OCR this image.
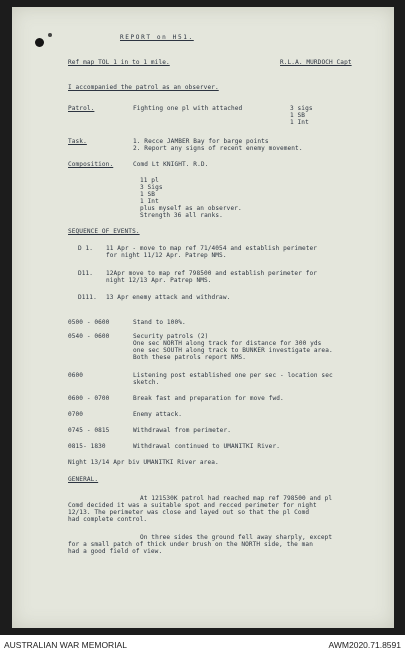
REPORT on H51.
Ref map TOL 1 in to 1 mile.	R.L.A. MURDOCH Capt
I accompanied the patrol as an observer.
Patrol.	Fighting one pl with attached	3 sigs
1 SB
1 Int
Task.	1. Recce JAMBER Bay for barge points
2. Report any signs of recent enemy movement.
Composition.	Comd Lt KNIGHT. R.D.
11 pl
3 Sigs
1 SB
1 Int
plus myself as an observer.
Strength 36 all ranks.
SEQUENCE OF EVENTS.
D 1. 11 Apr - move to map ref 71/4054 and establish perimeter
for night 11/12 Apr. Patrep NMS.
D11. 12Apr move to map ref 798500 and establish perimeter for
night 12/13 Apr. Patrep NMS.
D111. 13 Apr enemy attack and withdraw.
0500 - 0600	Stand to 100%.
0540 - 0600	Security patrols (2)
One sec NORTH along track for distance for 300 yds
one sec SOUTH along track to BUNKER investigate area.
Both these patrols report NMS.
0600	Listening post established one per sec - location sec
sketch.
0600 - 0700	Break fast and preparation for move fwd.
0700	Enemy attack.
0745 - 0815	Withdrawal from perimeter.
0815- 1830	Withdrawal continued to UMANITKI River.
Night 13/14 Apr biv UMANITKI River area.
GENERAL.
At 121530K patrol had reached map ref 798500 and pl
Comd decided it was a suitable spot and recced perimeter for night
12/13. The perimeter was close and layed out so that the pl Comd
had complete control.
On three sides the ground fell away sharply, except
for a small patch of thick under brush on the NORTH side, the man
had a good field of view.
AUSTRALIAN WAR MEMORIAL	AWM2020.71.8591
